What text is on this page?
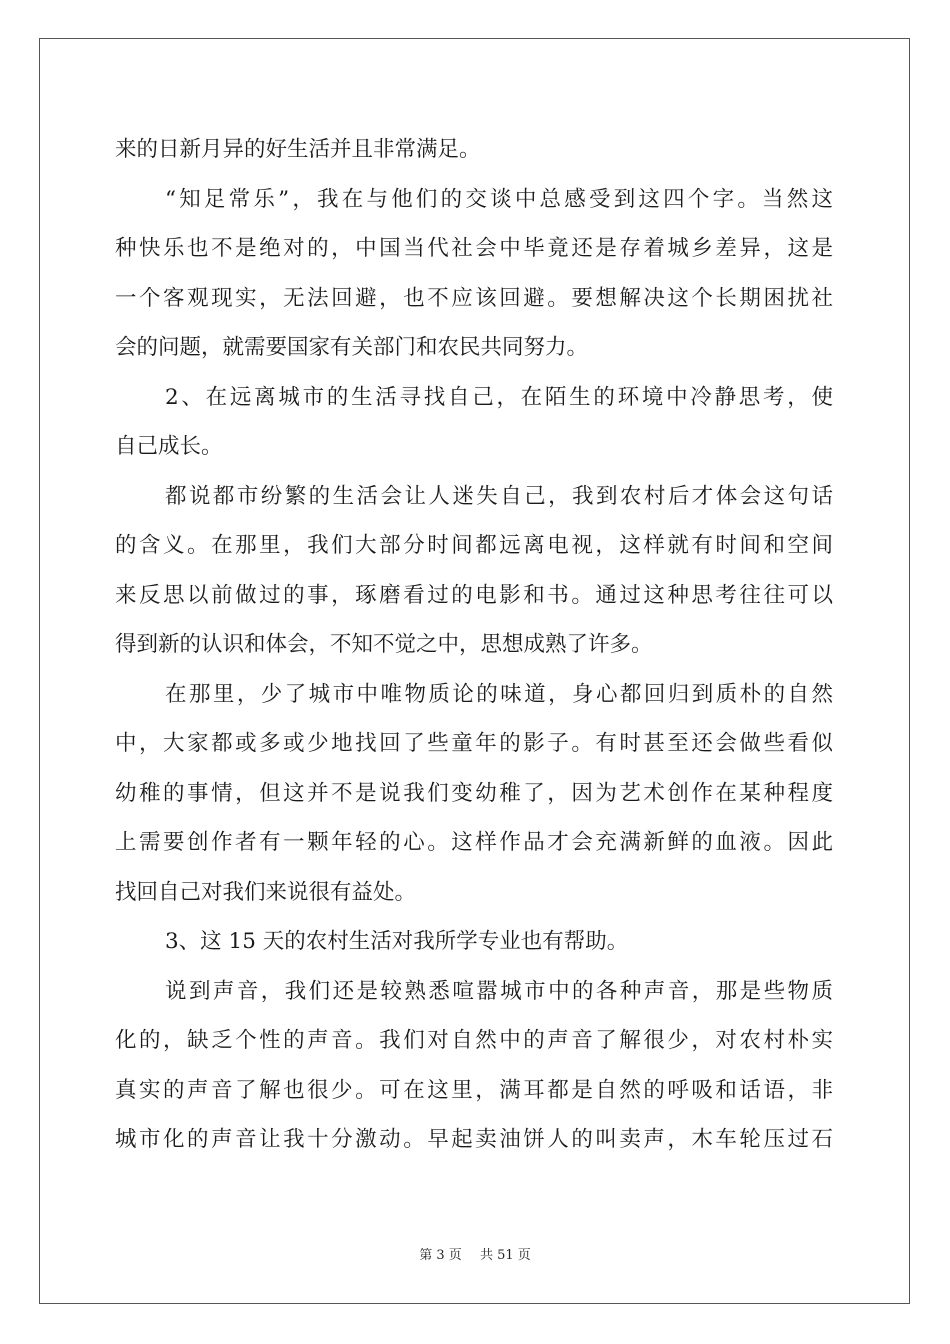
来的日新月异的好生活并且非常满足。
“知足常乐”，我在与他们的交谈中总感受到这四个字。当然这
种快乐也不是绝对的，中国当代社会中毕竟还是存着城乡差异，这是
一个客观现实，无法回避，也不应该回避。要想解决这个长期困扰社
会的问题，就需要国家有关部门和农民共同努力。
2、在远离城市的生活寻找自己，在陌生的环境中冷静思考，使
自己成长。
都说都市纷繁的生活会让人迷失自己，我到农村后才体会这句话
的含义。在那里，我们大部分时间都远离电视，这样就有时间和空间
来反思以前做过的事，琢磨看过的电影和书。通过这种思考往往可以
得到新的认识和体会，不知不觉之中，思想成熟了许多。
在那里，少了城市中唯物质论的味道，身心都回归到质朴的自然
中，大家都或多或少地找回了些童年的影子。有时甚至还会做些看似
幼稚的事情，但这并不是说我们变幼稚了，因为艺术创作在某种程度
上需要创作者有一颗年轻的心。这样作品才会充满新鲜的血液。因此
找回自己对我们来说很有益处。
3、这 15 天的农村生活对我所学专业也有帮助。
说到声音，我们还是较熟悉喧嚣城市中的各种声音，那是些物质
化的，缺乏个性的声音。我们对自然中的声音了解很少，对农村朴实
真实的声音了解也很少。可在这里，满耳都是自然的呼吸和话语，非
城市化的声音让我十分激动。早起卖油饼人的叫卖声，木车轮压过石
第 3 页 共 51 页
